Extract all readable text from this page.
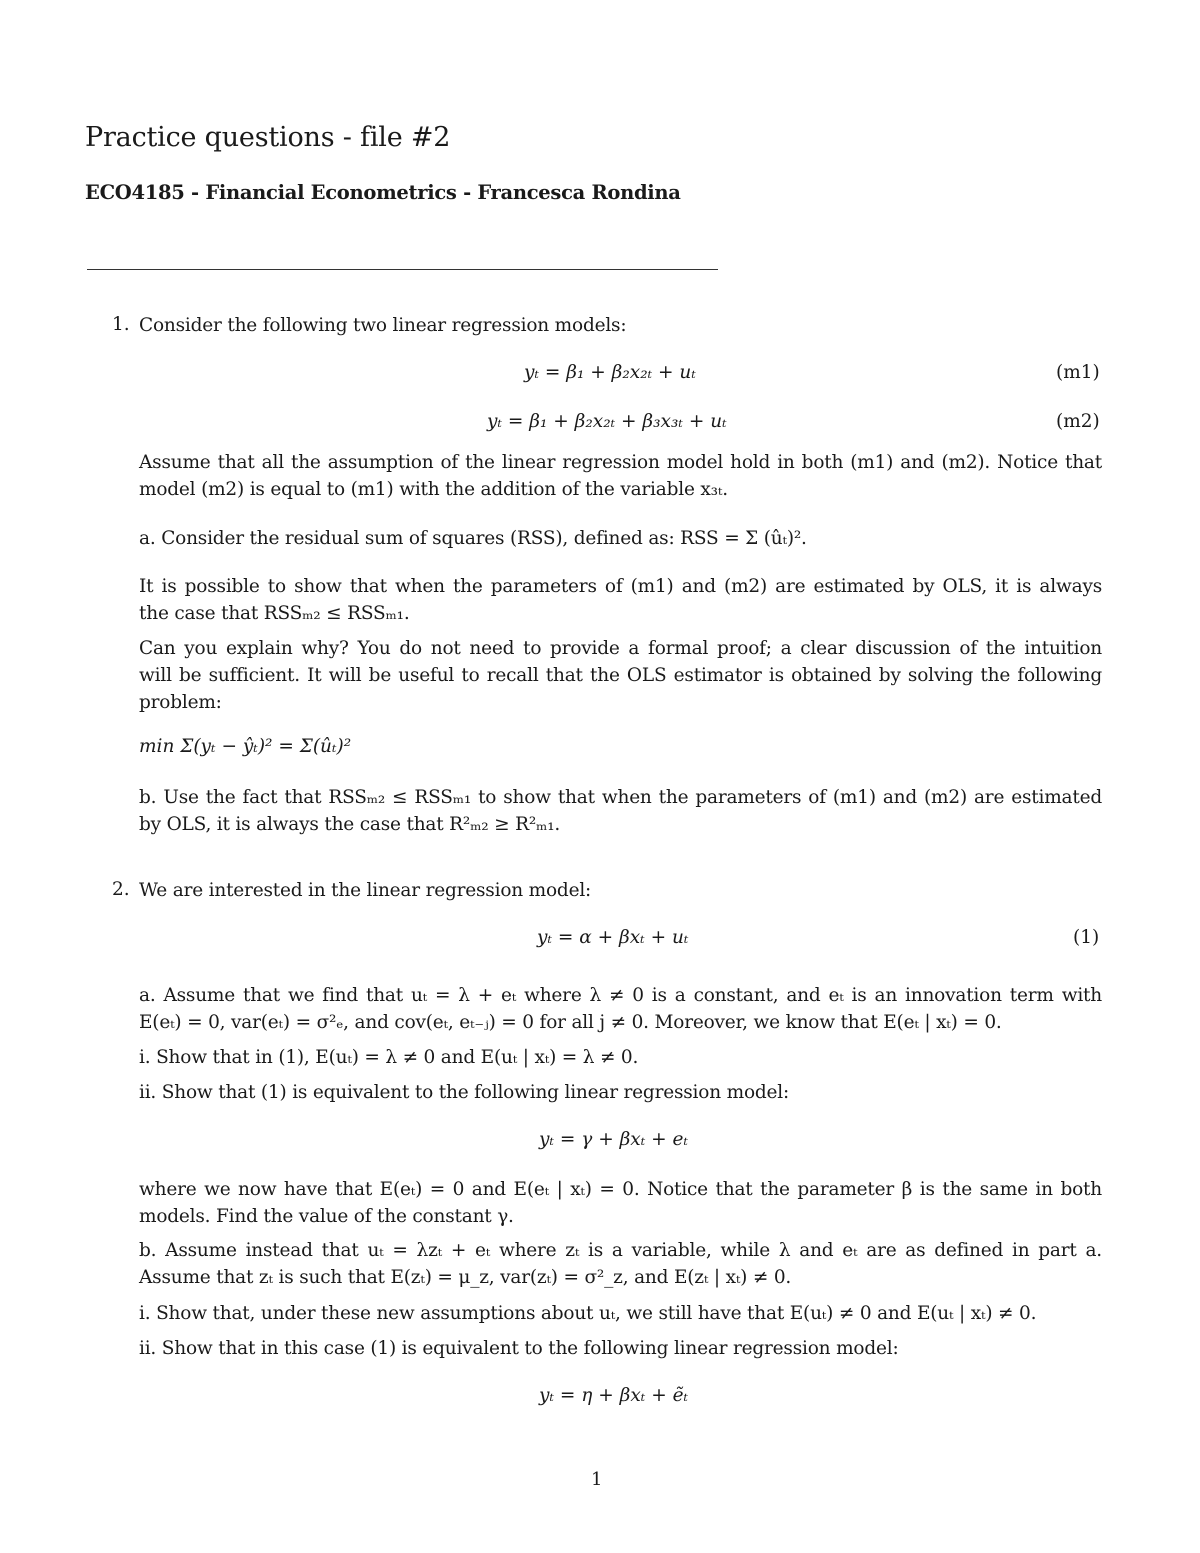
Practice questions - file #2
ECO4185 - Financial Econometrics - Francesca Rondina
1. Consider the following two linear regression models:
yₜ = β₁ + β₂x₂ₜ + uₜ	(m1)
yₜ = β₁ + β₂x₂ₜ + β₃x₃ₜ + uₜ	(m2)
Assume that all the assumption of the linear regression model hold in both (m1) and (m2). Notice that
model (m2) is equal to (m1) with the addition of the variable x₃ₜ.
a. Consider the residual sum of squares (RSS), defined as: RSS = Σ (ûₜ)².
It is possible to show that when the parameters of (m1) and (m2) are estimated by OLS, it is always
the case that RSSₘ₂ ≤ RSSₘ₁.
Can you explain why? You do not need to provide a formal proof; a clear discussion of the intuition
will be sufficient. It will be useful to recall that the OLS estimator is obtained by solving the following
problem:
min Σ(yₜ − ŷₜ)² = Σ(ûₜ)²
b. Use the fact that RSSₘ₂ ≤ RSSₘ₁ to show that when the parameters of (m1) and (m2) are estimated
by OLS, it is always the case that R²ₘ₂ ≥ R²ₘ₁.
2. We are interested in the linear regression model:
yₜ = α + βxₜ + uₜ	(1)
a. Assume that we find that uₜ = λ + eₜ where λ ≠ 0 is a constant, and eₜ is an innovation term with
E(eₜ) = 0, var(eₜ) = σ²ₑ, and cov(eₜ, eₜ₋ⱼ) = 0 for all j ≠ 0. Moreover, we know that E(eₜ | xₜ) = 0.
i. Show that in (1), E(uₜ) = λ ≠ 0 and E(uₜ | xₜ) = λ ≠ 0.
ii. Show that (1) is equivalent to the following linear regression model:
yₜ = γ + βxₜ + eₜ
where we now have that E(eₜ) = 0 and E(eₜ | xₜ) = 0. Notice that the parameter β is the same in both
models. Find the value of the constant γ.
b. Assume instead that uₜ = λzₜ + eₜ where zₜ is a variable, while λ and eₜ are as defined in part a.
Assume that zₜ is such that E(zₜ) = μ_z, var(zₜ) = σ²_z, and E(zₜ | xₜ) ≠ 0.
i. Show that, under these new assumptions about uₜ, we still have that E(uₜ) ≠ 0 and E(uₜ | xₜ) ≠ 0.
ii. Show that in this case (1) is equivalent to the following linear regression model:
yₜ = η + βxₜ + ẽₜ
1
